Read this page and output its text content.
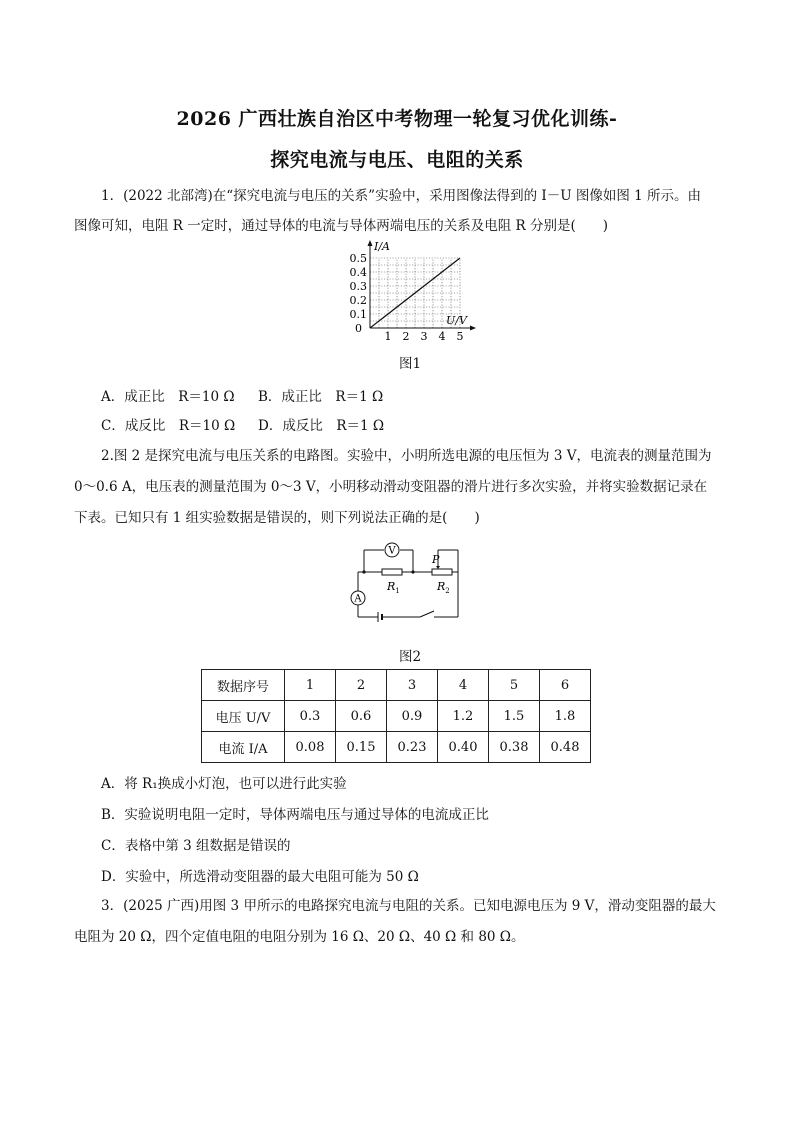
2026 广西壮族自治区中考物理一轮复习优化训练-
探究电流与电压、电阻的关系
1．(2022 北部湾)在“探究电流与电压的关系”实验中，采用图像法得到的 I－U 图像如图 1 所示。由
图像可知，电阻 R 一定时，通过导体的电流与导体两端电压的关系及电阻 R 分别是(　　)
1 2 3 4 5
0.1
0.2
0.3
0.4
0.5
0
I/A
U/V
图1
A．成正比　R＝10 Ω B．成正比　R＝1 Ω
C．成反比　R＝10 Ω D．成反比　R＝1 Ω
2.图 2 是探究电流与电压关系的电路图。实验中，小明所选电源的电压恒为 3 V，电流表的测量范围为
0～0.6 A，电压表的测量范围为 0～3 V，小明移动滑动变阻器的滑片进行多次实验，并将实验数据记录在
下表。已知只有 1 组实验数据是错误的，则下列说法正确的是(　　)
V
A
$R_1$	$R_2$
P
图2
数据序号	1	2	3	4	5	6
电压 U/V	0.3	0.6	0.9	1.2	1.5	1.8
电流 I/A	0.08	0.15	0.23	0.40	0.38	0.48
A．将 R₁换成小灯泡，也可以进行此实验
B．实验说明电阻一定时，导体两端电压与通过导体的电流成正比
C．表格中第 3 组数据是错误的
D．实验中，所选滑动变阻器的最大电阻可能为 50 Ω
3．(2025 广西)用图 3 甲所示的电路探究电流与电阻的关系。已知电源电压为 9 V，滑动变阻器的最大
电阻为 20 Ω，四个定值电阻的电阻分别为 16 Ω、20 Ω、40 Ω 和 80 Ω。
